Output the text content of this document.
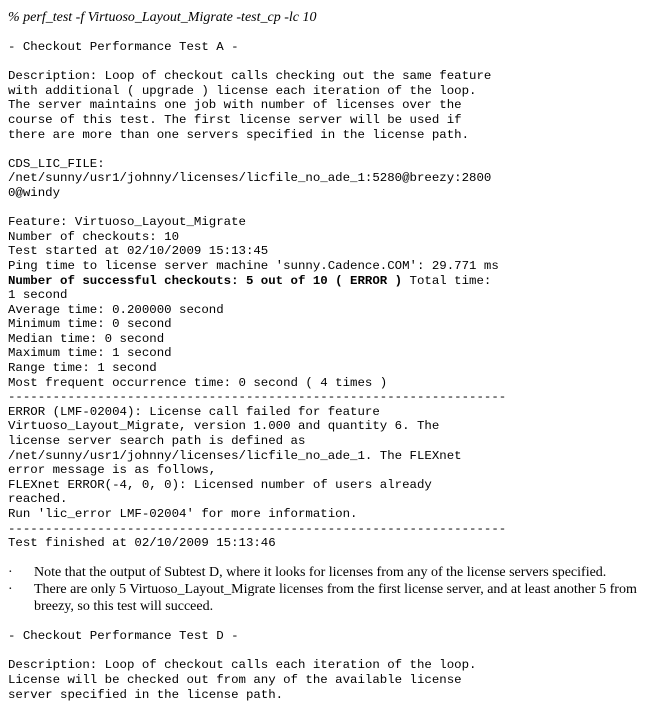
% perf_test -f Virtuoso_Layout_Migrate -test_cp -lc 10
- Checkout Performance Test A -
Description: Loop of checkout calls checking out the same feature
with additional ( upgrade ) license each iteration of the loop.
The server maintains one job with number of licenses over the
course of this test. The first license server will be used if
there are more than one servers specified in the license path.
CDS_LIC_FILE:
/net/sunny/usr1/johnny/licenses/licfile_no_ade_1:5280@breezy:2800
0@windy
Feature: Virtuoso_Layout_Migrate
Number of checkouts: 10
Test started at 02/10/2009 15:13:45
Ping time to license server machine 'sunny.Cadence.COM': 29.771 ms
Number of successful checkouts: 5 out of 10 ( ERROR ) Total time:
1 second
Average time: 0.200000 second
Minimum time: 0 second
Median time: 0 second
Maximum time: 1 second
Range time: 1 second
Most frequent occurrence time: 0 second ( 4 times )
-------------------------------------------------------------------
ERROR (LMF-02004): License call failed for feature
Virtuoso_Layout_Migrate, version 1.000 and quantity 6. The
license server search path is defined as
/net/sunny/usr1/johnny/licenses/licfile_no_ade_1. The FLEXnet
error message is as follows,
FLEXnet ERROR(-4, 0, 0): Licensed number of users already
reached.
Run 'lic_error LMF-02004' for more information.
-------------------------------------------------------------------
Test finished at 02/10/2009 15:13:46
· Note that the output of Subtest D, where it looks for licenses from any of the license servers specified.
· There are only 5 Virtuoso_Layout_Migrate licenses from the first license server, and at least another 5 from breezy, so this test will succeed.
- Checkout Performance Test D -
Description: Loop of checkout calls each iteration of the loop.
License will be checked out from any of the available license
server specified in the license path.
